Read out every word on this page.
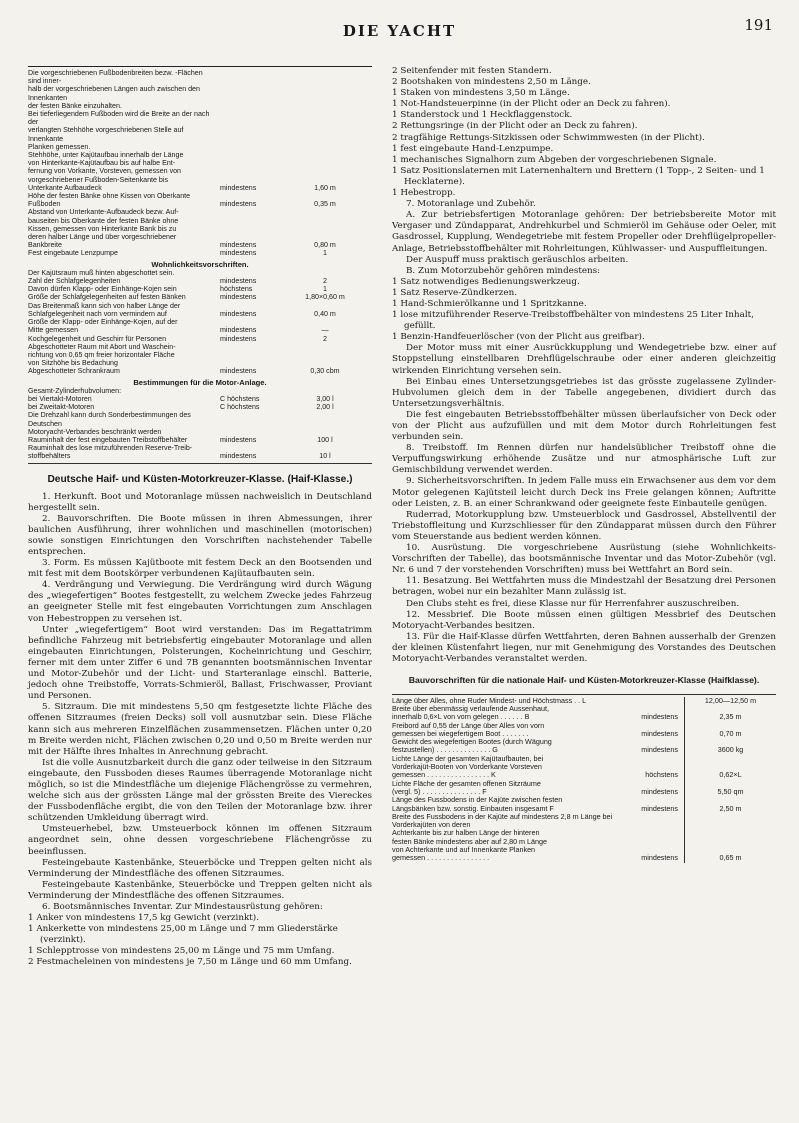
DIE YACHT	191
Die vorgeschriebenen Fußbodenbreiten bezw. -Flächen sind inner-		
halb der vorgeschriebenen Längen auch zwischen den Innenkanten		
der festen Bänke einzuhalten.		
Bei tieferliegendem Fußboden wird die Breite an der nach der		
verlangten Stehhöhe vorgeschriebenen Stelle auf Innenkante		
Planken gemessen.		
Stehhöhe, unter Kajütaufbau innerhalb der Länge		
von Hinterkante-Kajütaufbau bis auf halbe Ent-		
fernung von Vorkante, Vorsteven, gemessen von		
vorgeschriebener Fußboden-Seitenkante bis		
Unterkante Aufbaudeck	mindestens	1,60 m
Höhe der festen Bänke ohne Kissen von Oberkante		
Fußboden	mindestens	0,35 m
Abstand von Unterkante-Aufbaudeck bezw. Auf-		
bauseiten bis Oberkante der festen Bänke ohne		
Kissen, gemessen von Hinterkante Bank bis zu		
deren halber Länge und über vorgeschriebener		
Bankbreite	mindestens	0,80 m
Fest eingebaute Lenzpumpe	mindestens	1
Wohnlichkeitsvorschriften.		
Der Kajütsraum muß hinten abgeschottet sein.		
Zahl der Schlafgelegenheiten	mindestens	2
Davon dürfen Klapp- oder Einhänge-Kojen sein	höchstens	1
Größe der Schlafgelegenheiten auf festen Bänken	mindestens	1,80×0,60 m
Das Breitenmaß kann sich von halber Länge der		
Schlafgelegenheit nach vorn vermindern auf	mindestens	0,40 m
Größe der Klapp- oder Einhänge-Kojen, auf der		
Mitte gemessen	mindestens	—
Kochgelegenheit und Geschirr für Personen	mindestens	2
Abgeschotteter Raum mit Abort und Waschein-		
richtung von 0,65 qm freier horizontaler Fläche		
von Sitzhöhe bis Bedachung		
Abgeschotteter Schrankraum	mindestens	0,30 cbm
Bestimmungen für die Motor-Anlage.		
Gesamt-Zylinderhubvolumen:		
bei Viertakt-Motoren	C höchstens	3,00 l
bei Zweitakt-Motoren	C höchstens	2,00 l
Die Drehzahl kann durch Sonderbestimmungen des Deutschen		
Motoryacht-Verbandes beschränkt werden		
Rauminhalt der fest eingebauten Treibstoffbehälter	mindestens	100 l
Rauminhalt des lose mitzuführenden Reserve-Treib-		
stoffbehälters	mindestens	10 l
Deutsche Haif- und Küsten-Motorkreuzer-Klasse. (Haif-Klasse.)

1. Herkunft. Boot und Motoranlage müssen nachweislich in Deutschland hergestellt sein.

2. Bauvorschriften. Die Boote müssen in ihren Abmessungen, ihrer baulichen Ausführung, ihrer wohnlichen und maschinellen (motorischen) sowie sonstigen Einrichtungen den Vorschriften nachstehender Tabelle entsprechen.

3. Form. Es müssen Kajütboote mit festem Deck an den Bootsenden und mit fest mit dem Bootskörper verbundenen Kajütaufbauten sein.

4. Verdrängung und Verwiegung. Die Verdrängung wird durch Wägung des „wiegefertigen“ Bootes festgestellt, zu welchem Zwecke jedes Fahrzeug an geeigneter Stelle mit fest eingebauten Vorrichtungen zum Anschlagen von Hebestroppen zu versehen ist.

Unter „wiegefertigem“ Boot wird verstanden: Das im Regattatrimm befindliche Fahrzeug mit betriebsfertig eingebauter Motoranlage und allen eingebauten Einrichtungen, Polsterungen, Kocheinrichtung und Geschirr, ferner mit dem unter Ziffer 6 und 7B genannten bootsmännischen Inventar und Motor-Zubehör und der Licht- und Starteranlage einschl. Batterie, jedoch ohne Treibstoffe, Vorrats-Schmieröl, Ballast, Frischwasser, Proviant und Personen.

5. Sitzraum. Die mit mindestens 5,50 qm festgesetzte lichte Fläche des offenen Sitzraumes (freien Decks) soll voll ausnutzbar sein. Diese Fläche kann sich aus mehreren Einzelflächen zusammensetzen. Flächen unter 0,20 m Breite werden nicht, Flächen zwischen 0,20 und 0,50 m Breite werden nur mit der Hälfte ihres Inhaltes in Anrechnung gebracht.

Ist die volle Ausnutzbarkeit durch die ganz oder teilweise in den Sitzraum eingebaute, den Fussboden dieses Raumes überragende Motoranlage nicht möglich, so ist die Mindestfläche um diejenige Flächengrösse zu vermehren, welche sich aus der grössten Länge mal der grössten Breite des Viereckes der Fussbodenfläche ergibt, die von den Teilen der Motoranlage bzw. ihrer schützenden Umkleidung überragt wird.

Umsteuerhebel, bzw. Umsteuerbock können im offenen Sitzraum angeordnet sein, ohne dessen vorgeschriebene Flächengrösse zu beeinflussen.

Festeingebaute Kastenbänke, Steuerböcke und Treppen gelten nicht als Verminderung der Mindestfläche des offenen Sitzraumes.

Festeingebaute Kastenbänke, Steuerböcke und Treppen gelten nicht als Verminderung der Mindestfläche des offenen Sitzraumes.

6. Bootsmännisches Inventar. Zur Mindestausrüstung gehören:

1 Anker von mindestens 17,5 kg Gewicht (verzinkt).

1 Ankerkette von mindestens 25,00 m Länge und 7 mm Gliederstärke (verzinkt).

1 Schlepptrosse von mindestens 25,00 m Länge und 75 mm Umfang.

2 Festmacheleinen von mindestens je 7,50 m Länge und 60 mm Umfang.

2 Seitenfender mit festen Standern.

2 Bootshaken von mindestens 2,50 m Länge.

1 Staken von mindestens 3,50 m Länge.

1 Not-Handsteuerpinne (in der Plicht oder an Deck zu fahren).

1 Standerstock und 1 Heckflaggenstock.

2 Rettungsringe (in der Plicht oder an Deck zu fahren).

2 tragfähige Rettungs-Sitzkissen oder Schwimmwesten (in der Plicht).

1 fest eingebaute Hand-Lenzpumpe.

1 mechanisches Signalhorn zum Abgeben der vorgeschriebenen Signale.

1 Satz Positionslaternen mit Laternenhaltern und Brettern (1 Topp-, 2 Seiten- und 1 Hecklaterne).

1 Hebestropp.

7. Motoranlage und Zubehör.

A. Zur betriebsfertigen Motoranlage gehören: Der betriebsbereite Motor mit Vergaser und Zündapparat, Andrehkurbel und Schmieröl im Gehäuse oder Oeler, mit Gasdrossel, Kupplung, Wendegetriebe mit festem Propeller oder Drehflügelpropeller-Anlage, Betriebsstoffbehälter mit Rohrleitungen, Kühlwasser- und Auspuffleitungen.

Der Auspuff muss praktisch geräuschlos arbeiten.

B. Zum Motorzubehör gehören mindestens:

1 Satz notwendiges Bedienungswerkzeug.

1 Satz Reserve-Zündkerzen.

1 Hand-Schmierölkanne und 1 Spritzkanne.

1 lose mitzuführender Reserve-Treibstoffbehälter von mindestens 25 Liter Inhalt, gefüllt.

1 Benzin-Handfeuerlöscher (von der Plicht aus greifbar).

Der Motor muss mit einer Ausrückkupplung und Wendegetriebe bzw. einer auf Stoppstellung einstellbaren Drehflügelschraube oder einer anderen gleichzeitig wirkenden Einrichtung versehen sein.

Bei Einbau eines Untersetzungsgetriebes ist das grösste zugelassene Zylinder-Hubvolumen gleich dem in der Tabelle angegebenen, dividiert durch das Untersetzungsverhältnis.

Die fest eingebauten Betriebsstoffbehälter müssen überlaufsicher von Deck oder von der Plicht aus aufzufüllen und mit dem Motor durch Rohrleitungen fest verbunden sein.

8. Treibstoff. Im Rennen dürfen nur handelsüblicher Treibstoff ohne die Verpuffungswirkung erhöhende Zusätze und nur atmosphärische Luft zur Gemischbildung verwendet werden.

9. Sicherheitsvorschriften. In jedem Falle muss ein Erwachsener aus dem vor dem Motor gelegenen Kajütsteil leicht durch Deck ins Freie gelangen können; Auftritte oder Leisten, z. B. an einer Schrankwand oder geeignete feste Einbauteile genügen.

Ruderrad, Motorkupplung bzw. Umsteuerblock und Gasdrossel, Abstellventil der Triebstoffleitung und Kurzschliesser für den Zündapparat müssen durch den Führer vom Steuerstande aus bedient werden können.

10. Ausrüstung. Die vorgeschriebene Ausrüstung (siehe Wohnlichkeits-Vorschriften der Tabelle), das bootsmännische Inventar und das Motor-Zubehör (vgl. Nr. 6 und 7 der vorstehenden Vorschriften) muss bei Wettfahrt an Bord sein.

11. Besatzung. Bei Wettfahrten muss die Mindestzahl der Besatzung drei Personen betragen, wobei nur ein bezahlter Mann zulässig ist.

Den Clubs steht es frei, diese Klasse nur für Herrenfahrer auszuschreiben.

12. Messbrief. Die Boote müssen einen gültigen Messbrief des Deutschen Motoryacht-Verbandes besitzen.

13. Für die Haif-Klasse dürfen Wettfahrten, deren Bahnen ausserhalb der Grenzen der kleinen Küstenfahrt liegen, nur mit Genehmigung des Vorstandes des Deutschen Motoryacht-Verbandes veranstaltet werden.

Bauvorschriften für die nationale Haif- und Küsten-Motorkreuzer-Klasse (Haifklasse).
Länge über Alles, ohne Ruder Mindest- und Höchstmass . . L		12,00—12,50 m
Breite über ebenmässig verlaufende Aussenhaut,		
innerhalb 0,6×L von vorn gelegen . . . . . . B	mindestens	2,35 m
Freibord auf 0,55 der Länge über Alles von vorn		
gemessen bei wiegefertigem Boot . . . . . . .	mindestens	0,70 m
Gewicht des wiegefertigen Bootes (durch Wägung		
festzustellen) . . . . . . . . . . . . . . G	mindestens	3600 kg
Lichte Länge der gesamten Kajütaufbauten, bei		
Vorderkajüt-Booten von Vorderkante Vorsteven		
gemessen . . . . . . . . . . . . . . . . K	höchstens	0,62×L
Lichte Fläche der gesamten offenen Sitzräume		
(vergl. 5) . . . . . . . . . . . . . . . F	mindestens	5,50 qm
Länge des Fussbodens in der Kajüte zwischen festen		
Längsbänken bzw. sonstig. Einbauten insgesamt F	mindestens	2,50 m
Breite des Fussbodens in der Kajüte auf mindestens 2,8 m Länge bei Vorderkajüten von deren		
Achterkante bis zur halben Länge der hinteren		
festen Bänke mindestens aber auf 2,80 m Länge		
von Achterkante und auf Innenkante Planken		
gemessen . . . . . . . . . . . . . . . .	mindestens	0,65 m
